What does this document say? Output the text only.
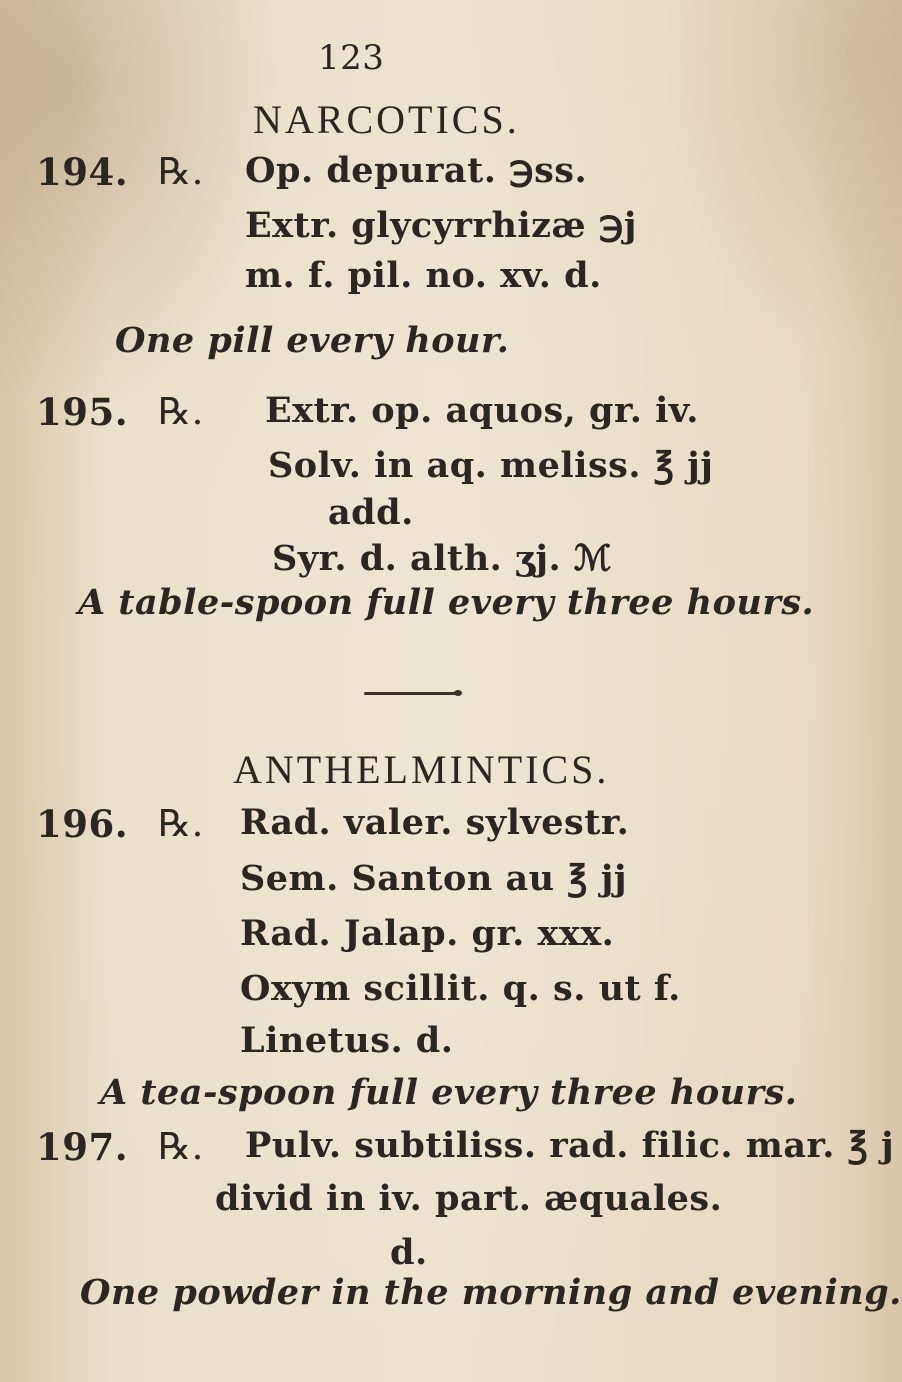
123
NARCOTICS.
194. ℞. Op. depurat. ℈ss.
Extr. glycyrrhizæ ℈j
m. f. pil. no. xv. d.
One pill every hour.
195. ℞. Extr. op. aquos, gr. iv.
Solv. in aq. meliss. ℥ jj
add.
Syr. d. alth. ʒj. ℳ
A table-spoon full every three hours.
ANTHELMINTICS.
196. ℞. Rad. valer. sylvestr.
Sem. Santon au ℥ jj
Rad. Jalap. gr. xxx.
Oxym scillit. q. s. ut f.
Linetus. d.
A tea-spoon full every three hours.
197. ℞. Pulv. subtiliss. rad. filic. mar. ℥ j
divid in iv. part. æquales.
d.
One powder in the morning and evening.
